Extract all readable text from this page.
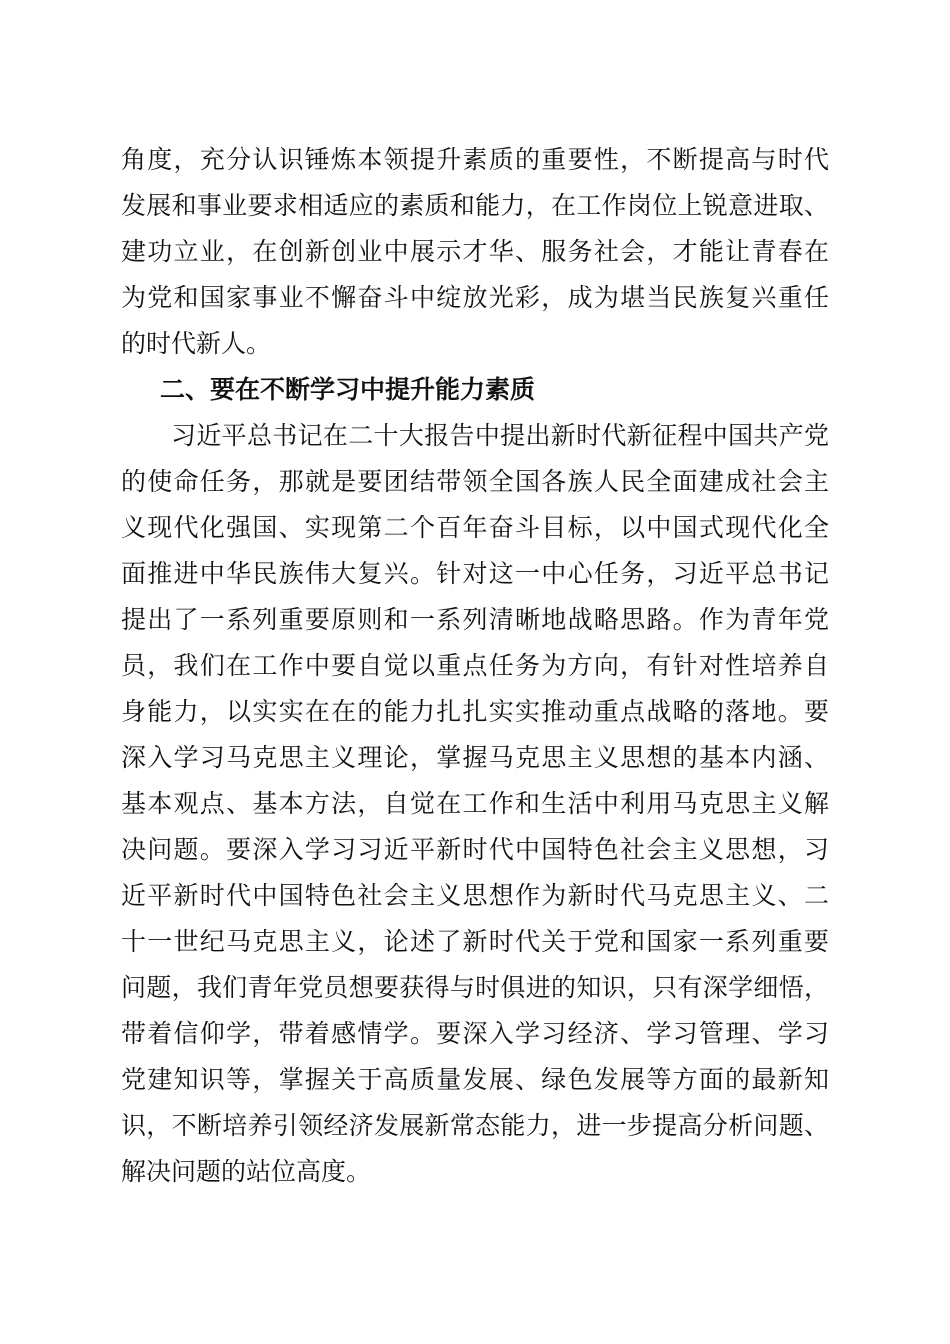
角度，充分认识锤炼本领提升素质的重要性，不断提高与时代
发展和事业要求相适应的素质和能力，在工作岗位上锐意进取、
建功立业，在创新创业中展示才华、服务社会，才能让青春在
为党和国家事业不懈奋斗中绽放光彩，成为堪当民族复兴重任
的时代新人。
二、要在不断学习中提升能力素质
习近平总书记在二十大报告中提出新时代新征程中国共产党
的使命任务，那就是要团结带领全国各族人民全面建成社会主
义现代化强国、实现第二个百年奋斗目标，以中国式现代化全
面推进中华民族伟大复兴。针对这一中心任务，习近平总书记
提出了一系列重要原则和一系列清晰地战略思路。作为青年党
员，我们在工作中要自觉以重点任务为方向，有针对性培养自
身能力，以实实在在的能力扎扎实实推动重点战略的落地。要
深入学习马克思主义理论，掌握马克思主义思想的基本内涵、
基本观点、基本方法，自觉在工作和生活中利用马克思主义解
决问题。要深入学习习近平新时代中国特色社会主义思想，习
近平新时代中国特色社会主义思想作为新时代马克思主义、二
十一世纪马克思主义，论述了新时代关于党和国家一系列重要
问题，我们青年党员想要获得与时俱进的知识，只有深学细悟，
带着信仰学，带着感情学。要深入学习经济、学习管理、学习
党建知识等，掌握关于高质量发展、绿色发展等方面的最新知
识，不断培养引领经济发展新常态能力，进一步提高分析问题、
解决问题的站位高度。
